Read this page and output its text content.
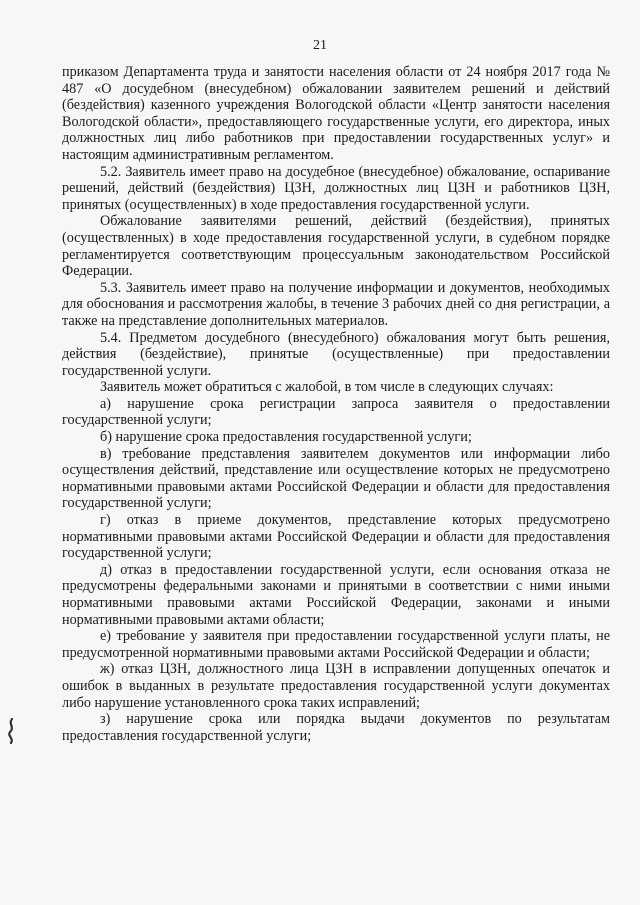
21

приказом Департамента труда и занятости населения области от 24 ноября 2017 года № 487 «О досудебном (внесудебном) обжаловании заявителем решений и действий (бездействия) казенного учреждения Вологодской области «Центр занятости населения Вологодской области», предоставляющего государственные услуги, его директора, иных должностных лиц либо работников при предоставлении государственных услуг» и настоящим административным регламентом.

5.2. Заявитель имеет право на досудебное (внесудебное) обжалование, оспаривание решений, действий (бездействия) ЦЗН, должностных лиц ЦЗН и работников ЦЗН, принятых (осуществленных) в ходе предоставления государственной услуги.

Обжалование заявителями решений, действий (бездействия), принятых (осуществленных) в ходе предоставления государственной услуги, в судебном порядке регламентируется соответствующим процессуальным законодательством Российской Федерации.

5.3. Заявитель имеет право на получение информации и документов, необходимых для обоснования и рассмотрения жалобы, в течение 3 рабочих дней со дня регистрации, а также на представление дополнительных материалов.

5.4. Предметом досудебного (внесудебного) обжалования могут быть решения, действия (бездействие), принятые (осуществленные) при предоставлении государственной услуги.

Заявитель может обратиться с жалобой, в том числе в следующих случаях:

а) нарушение срока регистрации запроса заявителя о предоставлении государственной услуги;

б) нарушение срока предоставления государственной услуги;

в) требование представления заявителем документов или информации либо осуществления действий, представление или осуществление которых не предусмотрено нормативными правовыми актами Российской Федерации и области для предоставления государственной услуги;

г) отказ в приеме документов, представление которых предусмотрено нормативными правовыми актами Российской Федерации и области для предоставления государственной услуги;

д) отказ в предоставлении государственной услуги, если основания отказа не предусмотрены федеральными законами и принятыми в соответствии с ними иными нормативными правовыми актами Российской Федерации, законами и иными нормативными правовыми актами области;

е) требование у заявителя при предоставлении государственной услуги платы, не предусмотренной нормативными правовыми актами Российской Федерации и области;

ж) отказ ЦЗН, должностного лица ЦЗН в исправлении допущенных опечаток и ошибок в выданных в результате предоставления государственной услуги документах либо нарушение установленного срока таких исправлений;

з) нарушение срока или порядка выдачи документов по результатам предоставления государственной услуги;
